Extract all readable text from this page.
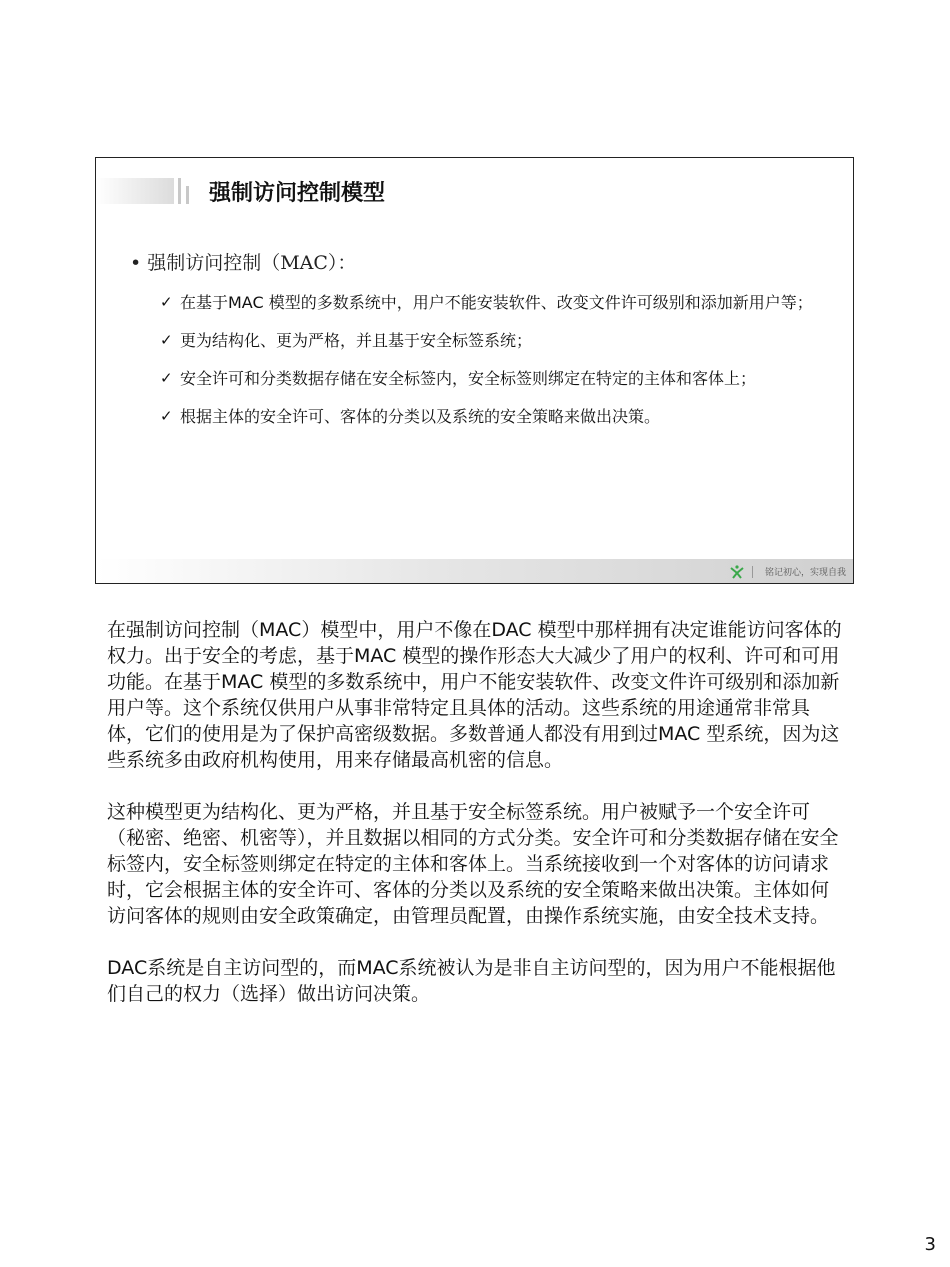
强制访问控制模型
• 强制访问控制（MAC）：
✓ 在基于MAC 模型的多数系统中，用户不能安装软件、改变文件许可级别和添加新用户等；
✓ 更为结构化、更为严格，并且基于安全标签系统；
✓ 安全许可和分类数据存储在安全标签内，安全标签则绑定在特定的主体和客体上；
✓ 根据主体的安全许可、客体的分类以及系统的安全策略来做出决策。
铭记初心，实现自我

在强制访问控制（MAC）模型中，用户不像在DAC 模型中那样拥有决定谁能访问客体的权力。出于安全的考虑，基于MAC 模型的操作形态大大减少了用户的权利、许可和可用功能。在基于MAC 模型的多数系统中，用户不能安装软件、改变文件许可级别和添加新用户等。这个系统仅供用户从事非常特定且具体的活动。这些系统的用途通常非常具体，它们的使用是为了保护高密级数据。多数普通人都没有用到过MAC 型系统，因为这些系统多由政府机构使用，用来存储最高机密的信息。

这种模型更为结构化、更为严格，并且基于安全标签系统。用户被赋予一个安全许可（秘密、绝密、机密等），并且数据以相同的方式分类。安全许可和分类数据存储在安全标签内，安全标签则绑定在特定的主体和客体上。当系统接收到一个对客体的访问请求时，它会根据主体的安全许可、客体的分类以及系统的安全策略来做出决策。主体如何访问客体的规则由安全政策确定，由管理员配置，由操作系统实施，由安全技术支持。

DAC系统是自主访问型的，而MAC系统被认为是非自主访问型的，因为用户不能根据他们自己的权力（选择）做出访问决策。

3
